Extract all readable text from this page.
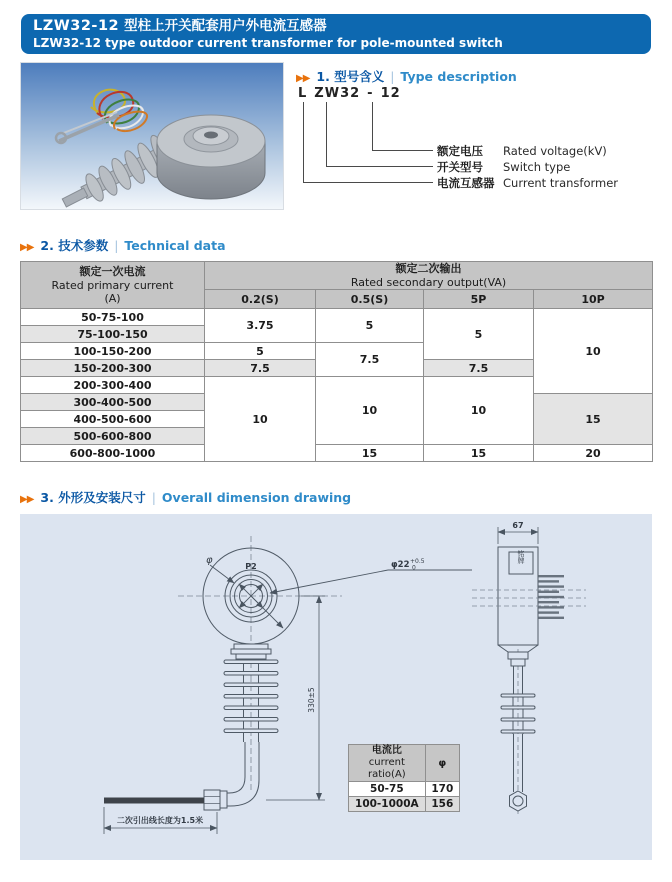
LZW32-12 型柱上开关配套用户外电流互感器
LZW32-12 type outdoor current transformer for pole-mounted switch
▶▶ 1. 型号含义 | Type description
L ZW32 - 12
额定电压	Rated voltage(kV)
开关型号	Switch type
电流互感器 Current transformer
▶▶ 2. 技术参数 | Technical data
额定一次电流
Rated primary current
(A)	额定二次输出
Rated secondary output(VA)			

	0.2(S)	0.5(S)	5P	10P
50-75-100	3.75	5	5	10
75-100-150				
100-150-200	5	7.5		
150-200-300	7.5		7.5	
200-300-400	10	10	10	
300-400-500				15
400-500-600				
500-600-800				
600-800-1000		15	15	20
▶▶ 3. 外形及安装尺寸 | Overall dimension drawing
φ
P2	φ22 +0.5
0
330±5
67
铭牌
二次引出线长度为1.5米
电流比
current ratio(A)	φ
50-75	170
100-1000A	156
